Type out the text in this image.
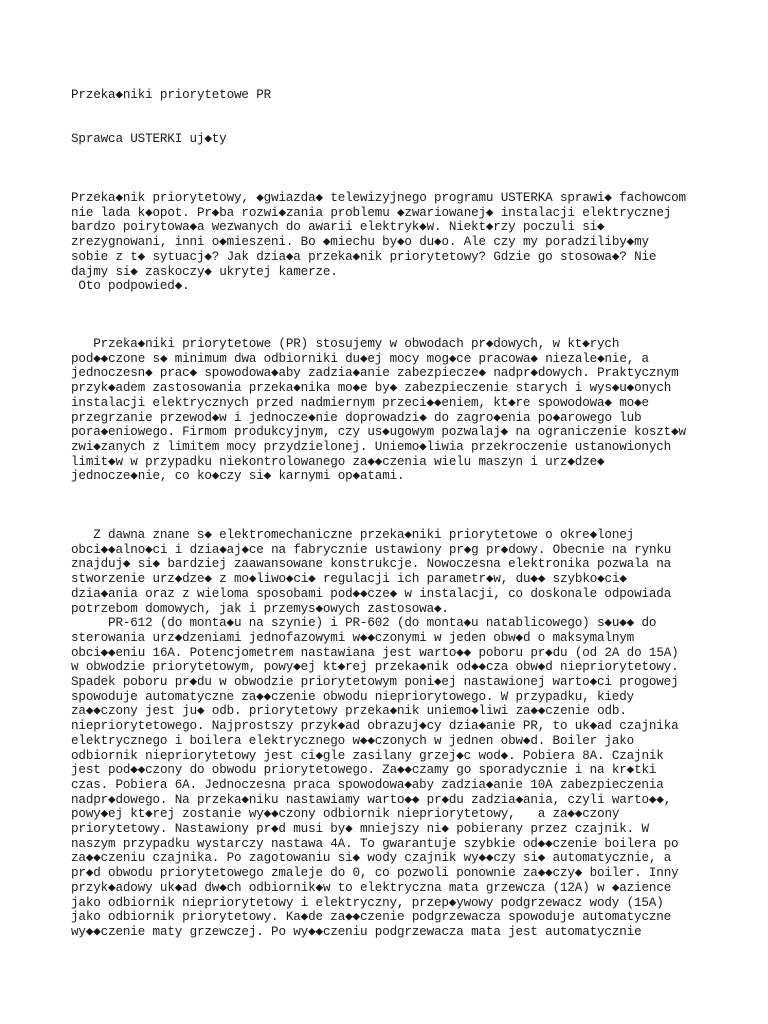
Przeka◆niki priorytetowe PR
Sprawca USTERKI uj◆ty
Przeka◆nik priorytetowy, ◆gwiazda◆ telewizyjnego programu USTERKA sprawi◆ fachowcom
nie lada k◆opot. Pr◆ba rozwi◆zania problemu ◆zwariowanej◆ instalacji elektrycznej
bardzo poirytowa◆a wezwanych do awarii elektryk◆w. Niekt◆rzy poczuli si◆
zrezygnowani, inni o◆mieszeni. Bo ◆miechu by◆o du◆o. Ale czy my poradziliby◆my
sobie z t◆ sytuacj◆? Jak dzia◆a przeka◆nik priorytetowy? Gdzie go stosowa◆? Nie
dajmy si◆ zaskoczy◆ ukrytej kamerze.
Oto podpowied◆.
Przeka◆niki priorytetowe (PR) stosujemy w obwodach pr◆dowych, w kt◆rych
pod◆◆czone s◆ minimum dwa odbiorniki du◆ej mocy mog◆ce pracowa◆ niezale◆nie, a
jednoczesn◆ prac◆ spowodowa◆aby zadzia◆anie zabezpiecze◆ nadpr◆dowych. Praktycznym
przyk◆adem zastosowania przeka◆nika mo◆e by◆ zabezpieczenie starych i wys◆u◆onych
instalacji elektrycznych przed nadmiernym przeci◆◆eniem, kt◆re spowodowa◆ mo◆e
przegrzanie przewod◆w i jednocze◆nie doprowadzi◆ do zagro◆enia po◆arowego lub
pora◆eniowego. Firmom produkcyjnym, czy us◆ugowym pozwalaj◆ na ograniczenie koszt◆w
zwi◆zanych z limitem mocy przydzielonej. Uniemo◆liwia przekroczenie ustanowionych
limit◆w w przypadku niekontrolowanego za◆◆czenia wielu maszyn i urz◆dze◆
jednocze◆nie, co ko◆czy si◆ karnymi op◆atami.
Z dawna znane s◆ elektromechaniczne przeka◆niki priorytetowe o okre◆lonej
obci◆◆alno◆ci i dzia◆aj◆ce na fabrycznie ustawiony pr◆g pr◆dowy. Obecnie na rynku
znajduj◆ si◆ bardziej zaawansowane konstrukcje. Nowoczesna elektronika pozwala na
stworzenie urz◆dze◆ z mo◆liwo◆ci◆ regulacji ich parametr◆w, du◆◆ szybko◆ci◆
dzia◆ania oraz z wieloma sposobami pod◆◆cze◆ w instalacji, co doskonale odpowiada
potrzebom domowych, jak i przemys◆owych zastosowa◆.
PR-612 (do monta◆u na szynie) i PR-602 (do monta◆u natablicowego) s◆u◆◆ do
sterowania urz◆dzeniami jednofazowymi w◆◆czonymi w jeden obw◆d o maksymalnym
obci◆◆eniu 16A. Potencjometrem nastawiana jest warto◆◆ poboru pr◆du (od 2A do 15A)
w obwodzie priorytetowym, powy◆ej kt◆rej przeka◆nik od◆◆cza obw◆d niepriorytetowy.
Spadek poboru pr◆du w obwodzie priorytetowym poni◆ej nastawionej warto◆ci progowej
spowoduje automatyczne za◆◆czenie obwodu niepriorytowego. W przypadku, kiedy
za◆◆czony jest ju◆ odb. priorytetowy przeka◆nik uniemo◆liwi za◆◆czenie odb.
niepriorytetowego. Najprostszy przyk◆ad obrazuj◆cy dzia◆anie PR, to uk◆ad czajnika
elektrycznego i boilera elektrycznego w◆◆czonych w jednen obw◆d. Boiler jako
odbiornik niepriorytetowy jest ci◆gle zasilany grzej◆c wod◆. Pobiera 8A. Czajnik
jest pod◆◆czony do obwodu priorytetowego. Za◆◆czamy go sporadycznie i na kr◆tki
czas. Pobiera 6A. Jednoczesna praca spowodowa◆aby zadzia◆anie 10A zabezpieczenia
nadpr◆dowego. Na przeka◆niku nastawiamy warto◆◆ pr◆du zadzia◆ania, czyli warto◆◆,
powy◆ej kt◆rej zostanie wy◆◆czony odbiornik niepriorytetowy,   a za◆◆czony
priorytetowy. Nastawiony pr◆d musi by◆ mniejszy ni◆ pobierany przez czajnik. W
naszym przypadku wystarczy nastawa 4A. To gwarantuje szybkie od◆◆czenie boilera po
za◆◆czeniu czajnika. Po zagotowaniu si◆ wody czajnik wy◆◆czy si◆ automatycznie, a
pr◆d obwodu priorytetowego zmaleje do 0, co pozwoli ponownie za◆◆czy◆ boiler. Inny
przyk◆adowy uk◆ad dw◆ch odbiornik◆w to elektryczna mata grzewcza (12A) w ◆azience
jako odbiornik niepriorytetowy i elektryczny, przep◆ywowy podgrzewacz wody (15A)
jako odbiornik priorytetowy. Ka◆de za◆◆czenie podgrzewacza spowoduje automatyczne
wy◆◆czenie maty grzewczej. Po wy◆◆czeniu podgrzewacza mata jest automatycznie
